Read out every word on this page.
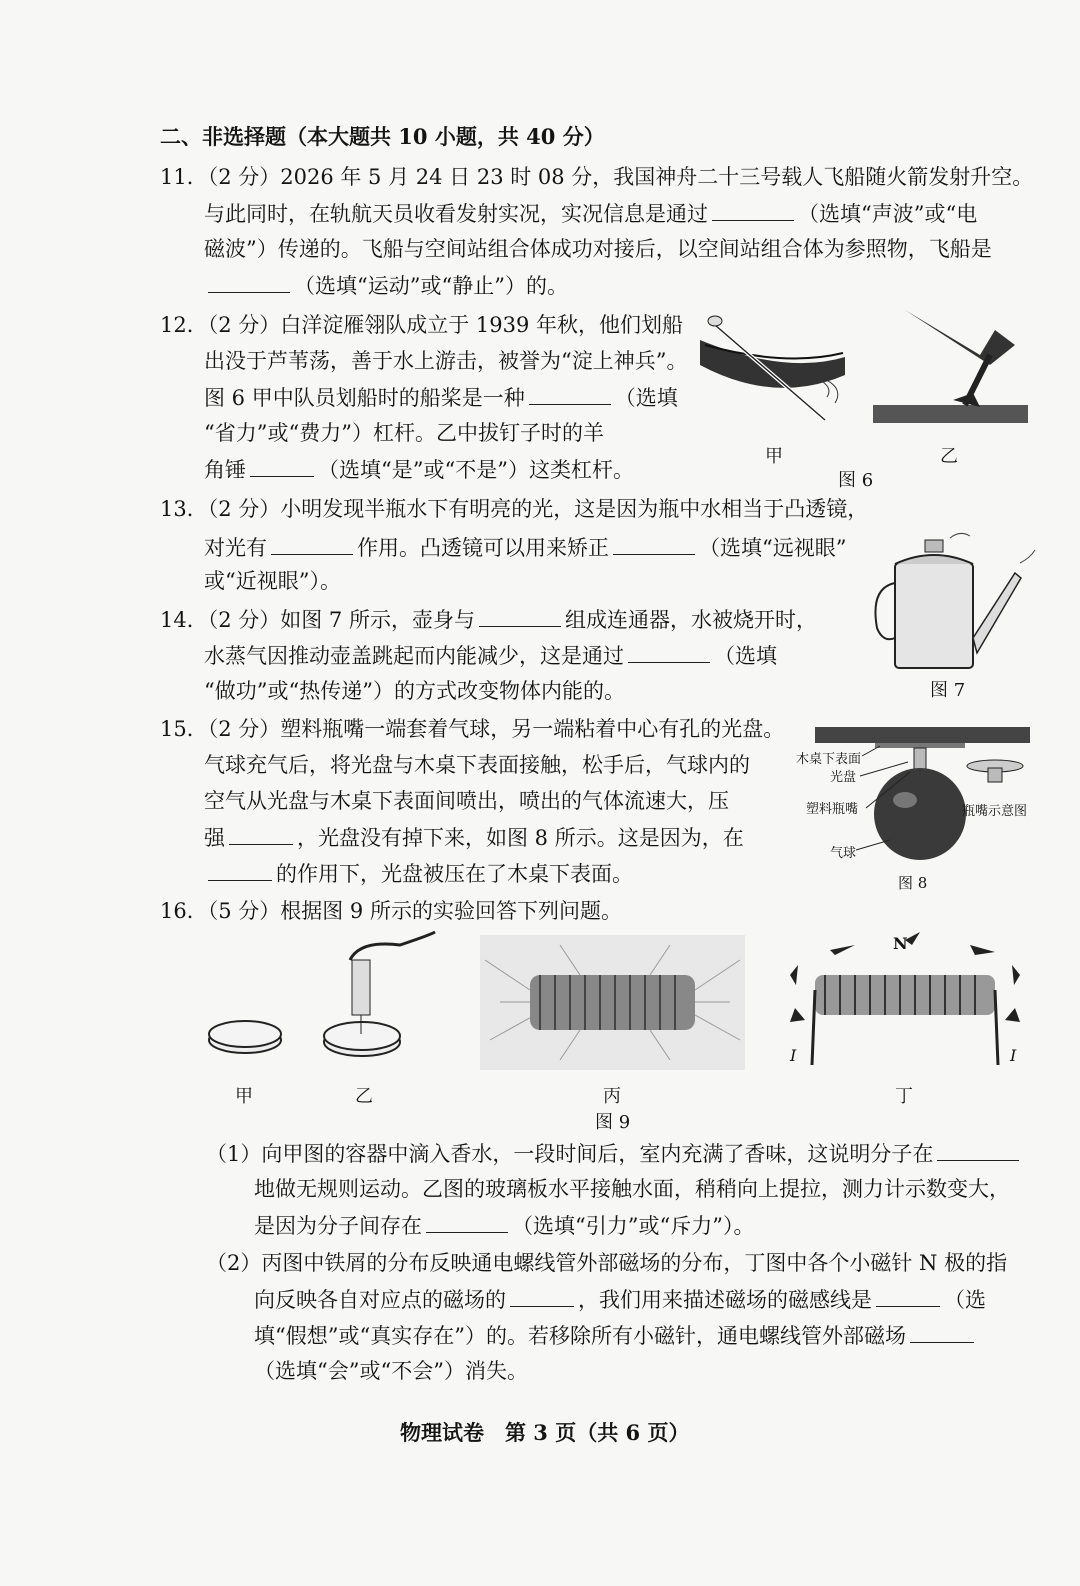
二、非选择题（本大题共 10 小题，共 40 分）
11．（2 分）2026 年 5 月 24 日 23 时 08 分，我国神舟二十三号载人飞船随火箭发射升空。
与此同时，在轨航天员收看发射实况，实况信息是通过	（选填“声波”或“电
磁波”）传递的。飞船与空间站组合体成功对接后，以空间站组合体为参照物，飞船是
（选填“运动”或“静止”）的。
12．（2 分）白洋淀雁翎队成立于 1939 年秋，他们划船
出没于芦苇荡，善于水上游击，被誉为“淀上神兵”。
图 6 甲中队员划船时的船桨是一种	（选填
“省力”或“费力”）杠杆。乙中拔钉子时的羊
角锤	（选填“是”或“不是”）这类杠杆。
甲	乙
图 6
13．（2 分）小明发现半瓶水下有明亮的光，这是因为瓶中水相当于凸透镜，
对光有	作用。凸透镜可以用来矫正	（选填“远视眼”
或“近视眼”）。
图 7
14．（2 分）如图 7 所示，壶身与	组成连通器，水被烧开时，
水蒸气因推动壶盖跳起而内能减少，这是通过	（选填
“做功”或“热传递”）的方式改变物体内能的。
15．（2 分）塑料瓶嘴一端套着气球，另一端粘着中心有孔的光盘。
气球充气后，将光盘与木桌下表面接触，松手后，气球内的
空气从光盘与木桌下表面间喷出，喷出的气体流速大，压
强	，光盘没有掉下来，如图 8 所示。这是因为，在
的作用下，光盘被压在了木桌下表面。
木桌下表面
光盘
塑料瓶嘴
气球
瓶嘴示意图
图 8
16．（5 分）根据图 9 所示的实验回答下列问题。
N
I	I
甲	乙	丙	丁
图 9
（1）向甲图的容器中滴入香水，一段时间后，室内充满了香味，这说明分子在
地做无规则运动。乙图的玻璃板水平接触水面，稍稍向上提拉，测力计示数变大，
是因为分子间存在	（选填“引力”或“斥力”）。
（2）丙图中铁屑的分布反映通电螺线管外部磁场的分布，丁图中各个小磁针 N 极的指
向反映各自对应点的磁场的	，我们用来描述磁场的磁感线是	（选
填“假想”或“真实存在”）的。若移除所有小磁针，通电螺线管外部磁场
（选填“会”或“不会”）消失。
物理试卷　第 3 页（共 6 页）
